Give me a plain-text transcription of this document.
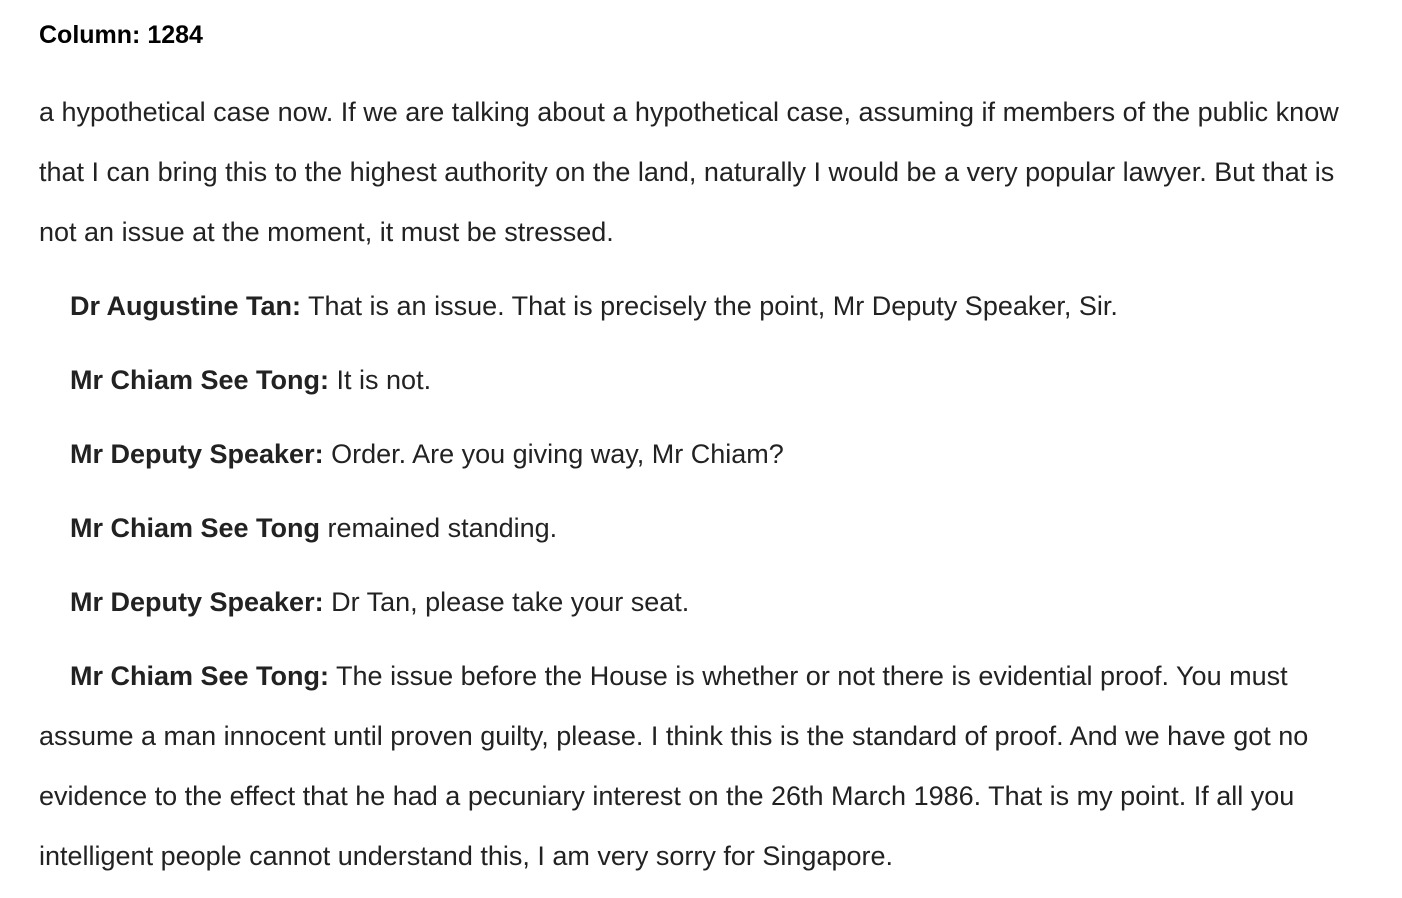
Column: 1284

a hypothetical case now. If we are talking about a hypothetical case, assuming if members of the public know that I can bring this to the highest authority on the land, naturally I would be a very popular lawyer. But that is not an issue at the moment, it must be stressed.

Dr Augustine Tan: That is an issue. That is precisely the point, Mr Deputy Speaker, Sir.

Mr Chiam See Tong: It is not.

Mr Deputy Speaker: Order. Are you giving way, Mr Chiam?

Mr Chiam See Tong remained standing.

Mr Deputy Speaker: Dr Tan, please take your seat.

Mr Chiam See Tong: The issue before the House is whether or not there is evidential proof. You must assume a man innocent until proven guilty, please. I think this is the standard of proof. And we have got no evidence to the effect that he had a pecuniary interest on the 26th March 1986. That is my point. If all you intelligent people cannot understand this, I am very sorry for Singapore.
